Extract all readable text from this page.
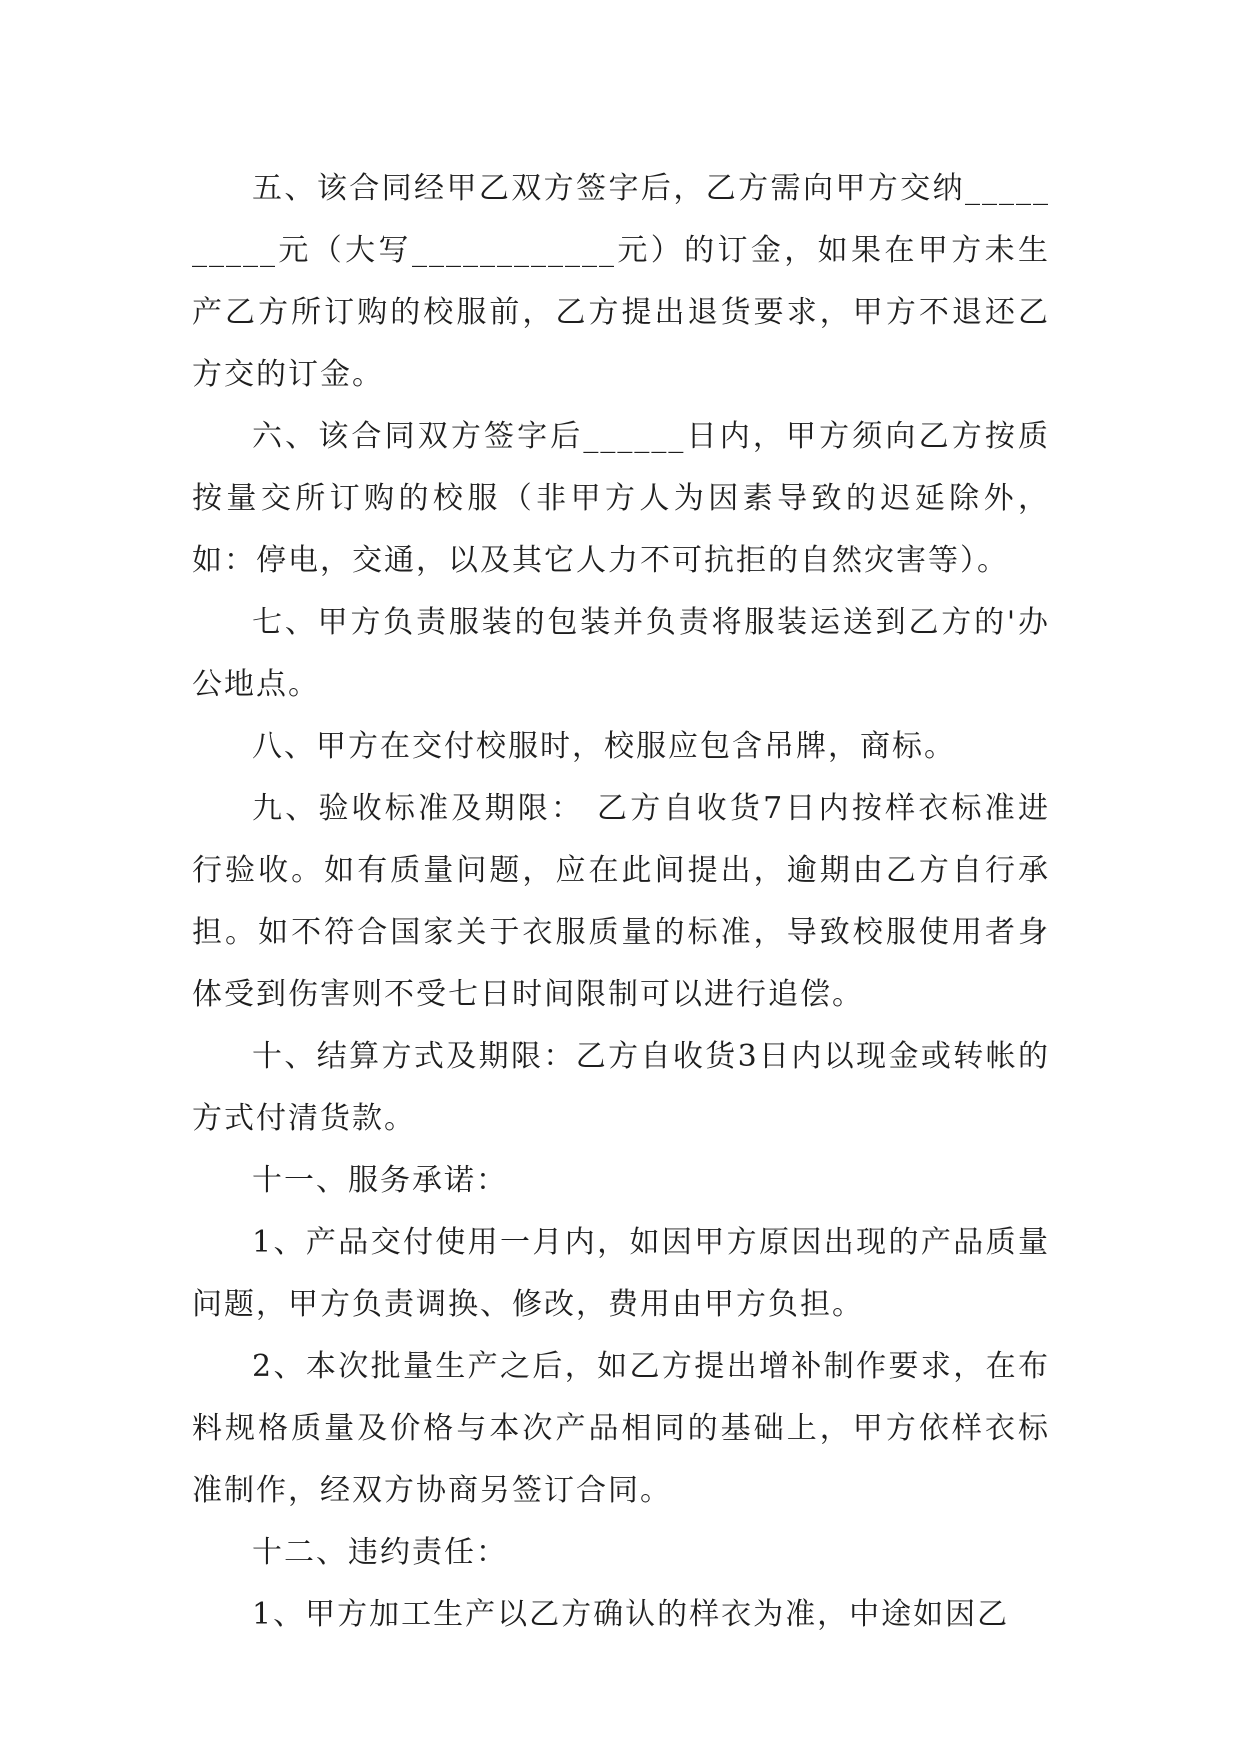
五、该合同经甲乙双方签字后，乙方需向甲方交纳__________元（大写____________元）的订金，如果在甲方未生产乙方所订购的校服前，乙方提出退货要求，甲方不退还乙方交的订金。

六、该合同双方签字后______日内，甲方须向乙方按质按量交所订购的校服（非甲方人为因素导致的迟延除外，如：停电，交通，以及其它人力不可抗拒的自然灾害等）。

七、甲方负责服装的包装并负责将服装运送到乙方的'办公地点。

八、甲方在交付校服时，校服应包含吊牌，商标。

九、验收标准及期限： 乙方自收货7日内按样衣标准进行验收。如有质量问题，应在此间提出，逾期由乙方自行承担。如不符合国家关于衣服质量的标准，导致校服使用者身体受到伤害则不受七日时间限制可以进行追偿。

十、结算方式及期限：乙方自收货3日内以现金或转帐的方式付清货款。

十一、服务承诺：

1、产品交付使用一月内，如因甲方原因出现的产品质量问题，甲方负责调换、修改，费用由甲方负担。

2、本次批量生产之后，如乙方提出增补制作要求，在布料规格质量及价格与本次产品相同的基础上，甲方依样衣标准制作，经双方协商另签订合同。

十二、违约责任：

1、甲方加工生产以乙方确认的样衣为准，中途如因乙
